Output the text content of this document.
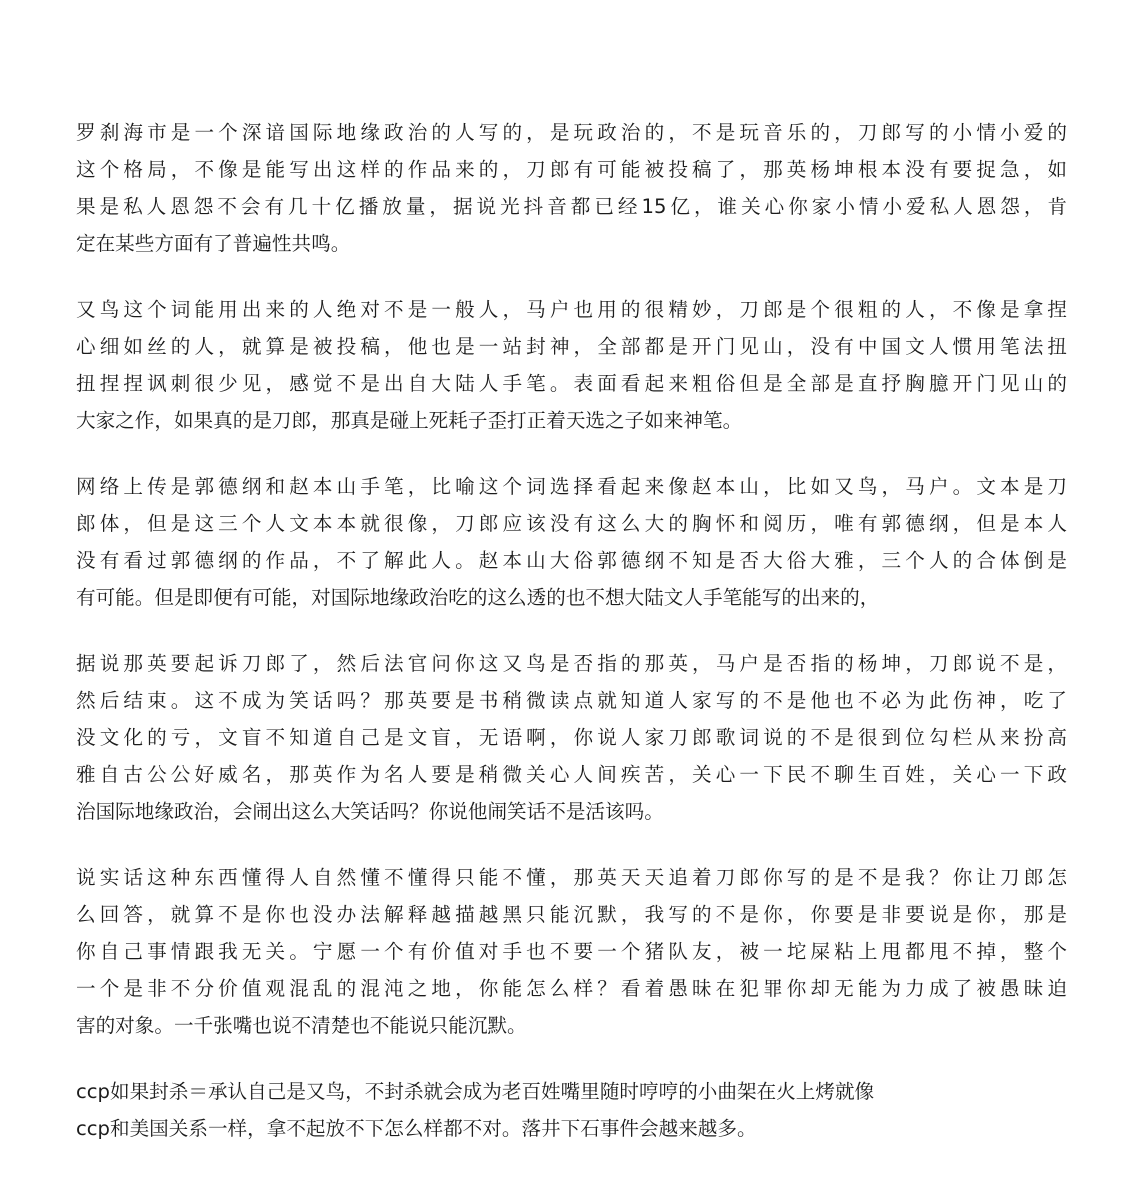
罗刹海市是一个深谙国际地缘政治的人写的，是玩政治的，不是玩音乐的，刀郎写的小情小爱的
这个格局，不像是能写出这样的作品来的，刀郎有可能被投稿了，那英杨坤根本没有要捉急，如
果是私人恩怨不会有几十亿播放量，据说光抖音都已经15亿，谁关心你家小情小爱私人恩怨，肯
定在某些方面有了普遍性共鸣。
又鸟这个词能用出来的人绝对不是一般人，马户也用的很精妙，刀郎是个很粗的人，不像是拿捏
心细如丝的人，就算是被投稿，他也是一站封神，全部都是开门见山，没有中国文人惯用笔法扭
扭捏捏讽刺很少见，感觉不是出自大陆人手笔。表面看起来粗俗但是全部是直抒胸臆开门见山的
大家之作，如果真的是刀郎，那真是碰上死耗子歪打正着天选之子如来神笔。
网络上传是郭德纲和赵本山手笔，比喻这个词选择看起来像赵本山，比如又鸟，马户。文本是刀
郎体，但是这三个人文本本就很像，刀郎应该没有这么大的胸怀和阅历，唯有郭德纲，但是本人
没有看过郭德纲的作品，不了解此人。赵本山大俗郭德纲不知是否大俗大雅，三个人的合体倒是
有可能。但是即便有可能，对国际地缘政治吃的这么透的也不想大陆文人手笔能写的出来的，
据说那英要起诉刀郎了，然后法官问你这又鸟是否指的那英，马户是否指的杨坤，刀郎说不是，
然后结束。这不成为笑话吗？那英要是书稍微读点就知道人家写的不是他也不必为此伤神，吃了
没文化的亏，文盲不知道自己是文盲，无语啊，你说人家刀郎歌词说的不是很到位勾栏从来扮高
雅自古公公好威名，那英作为名人要是稍微关心人间疾苦，关心一下民不聊生百姓，关心一下政
治国际地缘政治，会闹出这么大笑话吗？你说他闹笑话不是活该吗。
说实话这种东西懂得人自然懂不懂得只能不懂，那英天天追着刀郎你写的是不是我？你让刀郎怎
么回答，就算不是你也没办法解释越描越黑只能沉默，我写的不是你，你要是非要说是你，那是
你自己事情跟我无关。宁愿一个有价值对手也不要一个猪队友，被一坨屎粘上甩都甩不掉，整个
一个是非不分价值观混乱的混沌之地，你能怎么样？看着愚昧在犯罪你却无能为力成了被愚昧迫
害的对象。一千张嘴也说不清楚也不能说只能沉默。
ccp如果封杀＝承认自己是又鸟，不封杀就会成为老百姓嘴里随时哼哼的小曲架在火上烤就像
ccp和美国关系一样，拿不起放不下怎么样都不对。落井下石事件会越来越多。
